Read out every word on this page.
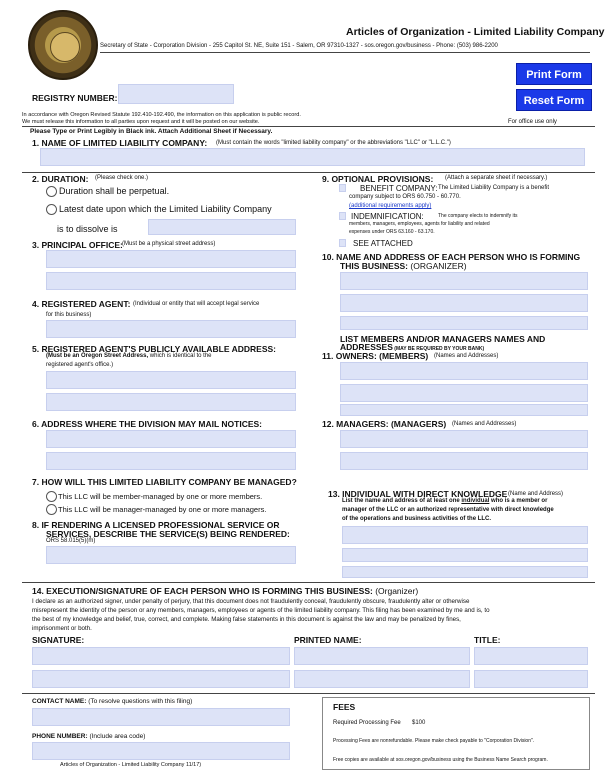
Articles of Organization - Limited Liability Company
Secretary of State - Corporation Division - 255 Capitol St. NE, Suite 151 - Salem, OR 97310-1327 - sos.oregon.gov/business - Phone: (503) 986-2200
Print Form
Reset Form
REGISTRY NUMBER:
In accordance with Oregon Revised Statute 192.410-192.490, the information on this application is public record.
We must release this information to all parties upon request and it will be posted on our website.	For office use only
Please Type or Print Legibly in Black ink. Attach Additional Sheet if Necessary.
1. NAME OF LIMITED LIABILITY COMPANY: (Must contain the words "limited liability company" or the abbreviations "LLC" or "L.L.C.")
2. DURATION: (Please check one.)
Duration shall be perpetual.
Latest date upon which the Limited Liability Company
is to dissolve is
3. PRINCIPAL OFFICE: (Must be a physical street address)
4. REGISTERED AGENT: (Individual or entity that will accept legal service
for this business)
5. REGISTERED AGENT'S PUBLICLY AVAILABLE ADDRESS:
(Must be an Oregon Street Address, which is identical to the
registered agent's office.)
6. ADDRESS WHERE THE DIVISION MAY MAIL NOTICES:
7. HOW WILL THIS LIMITED LIABILITY COMPANY BE MANAGED?
This LLC will be member-managed by one or more members.
This LLC will be manager-managed by one or more managers.
8. IF RENDERING A LICENSED PROFESSIONAL SERVICE OR
SERVICES, DESCRIBE THE SERVICE(S) BEING RENDERED:
ORS 58.015(5)(m)
9. OPTIONAL PROVISIONS: (Attach a separate sheet if necessary.)
BENEFIT COMPANY: The Limited Liability Company is a benefit
company subject to ORS 60.750 - 60.770.
(additional requirements apply)
INDEMNIFICATION:	The company elects to indemnify its
members, managers, employees, agents for liability and related
expenses under ORS 63.160 - 63.170.
SEE ATTACHED
10. NAME AND ADDRESS OF EACH PERSON WHO IS FORMING
THIS BUSINESS: (ORGANIZER)
LIST MEMBERS AND/OR MANAGERS NAMES AND
ADDRESSES (MAY BE REQUIRED BY YOUR BANK)
11. OWNERS: (MEMBERS) (Names and Addresses)
12. MANAGERS: (MANAGERS) (Names and Addresses)
13. INDIVIDUAL WITH DIRECT KNOWLEDGE (Name and Address)
List the name and address of at least one individual who is a member or
manager of the LLC or an authorized representative with direct knowledge
of the operations and business activities of the LLC.
14. EXECUTION/SIGNATURE OF EACH PERSON WHO IS FORMING THIS BUSINESS: (Organizer)
I declare as an authorized signer, under penalty of perjury, that this document does not fraudulently conceal, fraudulently obscure, fraudulently alter or otherwise
misrepresent the identity of the person or any members, managers, employees or agents of the limited liability company. This filing has been examined by me and is, to
the best of my knowledge and belief, true, correct, and complete. Making false statements in this document is against the law and may be penalized by fines,
imprisonment or both.
SIGNATURE:	PRINTED NAME:	TITLE:
CONTACT NAME: (To resolve questions with this filing)
PHONE NUMBER: (Include area code)
FEES
Required Processing Fee $100
Processing Fees are nonrefundable. Please make check payable to "Corporation Division".
Free copies are available at sos.oregon.gov/business using the Business Name Search program.
Articles of Organization - Limited Liability Company 11/17)
